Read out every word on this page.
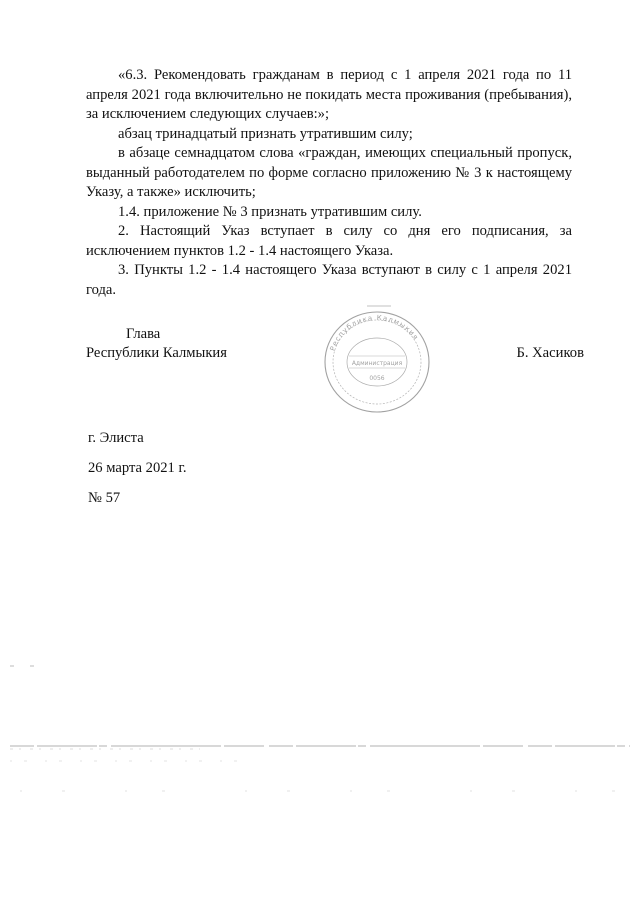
«6.3. Рекомендовать гражданам в период с 1 апреля 2021 года по 11 апреля 2021 года включительно не покидать места проживания (пребывания), за исключением следующих случаев:»;

абзац тринадцатый признать утратившим силу;

в абзаце семнадцатом слова «граждан, имеющих специальный пропуск, выданный работодателем по форме согласно приложению № 3 к настоящему Указу, а также» исключить;

1.4. приложение № 3 признать утратившим силу.

2. Настоящий Указ вступает в силу со дня его подписания, за исключением пунктов 1.2 - 1.4 настоящего Указа.

3. Пункты 1.2 - 1.4 настоящего Указа вступают в силу с 1 апреля 2021 года.

Глава
Республики Калмыкия	Б. Хасиков
Республика Калмыкия
Администрация
0056
г. Элиста
26 марта 2021 г.
№ 57
